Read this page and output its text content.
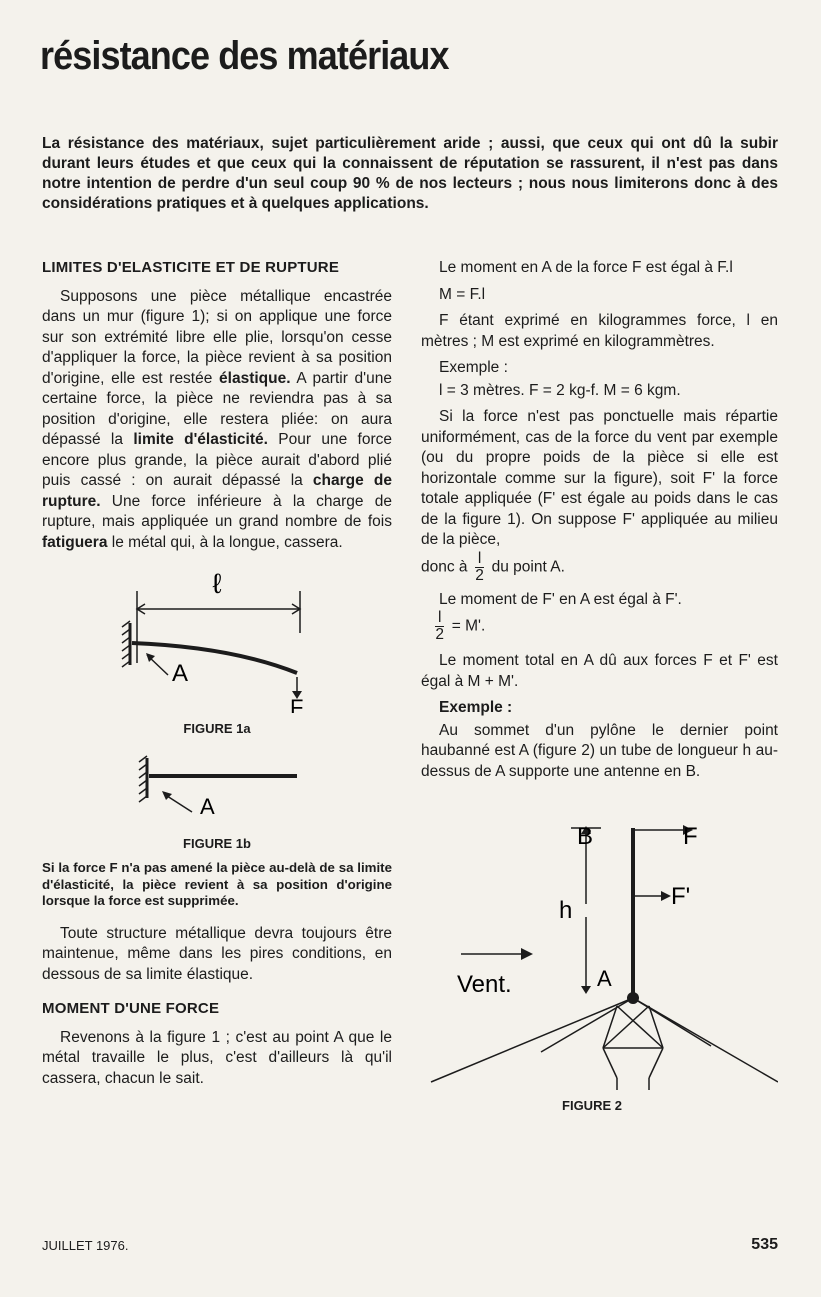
résistance des matériaux

La résistance des matériaux, sujet particulièrement aride ; aussi, que ceux qui ont dû la subir durant leurs études et que ceux qui la connaissent de réputation se rassurent, il n'est pas dans notre intention de perdre d'un seul coup 90 % de nos lecteurs ; nous nous limiterons donc à des considérations pratiques et à quelques applications.

LIMITES D'ELASTICITE ET DE RUPTURE

Supposons une pièce métallique encastrée dans un mur (figure 1); si on applique une force sur son extrémité libre elle plie, lorsqu'on cesse d'appliquer la force, la pièce revient à sa position d'origine, elle est restée élastique. A partir d'une certaine force, la pièce ne reviendra pas à sa position d'origine, elle restera pliée: on aura dépassé la limite d'élasticité. Pour une force encore plus grande, la pièce aurait d'abord plié puis cassé : on aurait dépassé la charge de rupture. Une force inférieure à la charge de rupture, mais appliquée un grand nombre de fois fatiguera le métal qui, à la longue, cassera.

ℓ
A
F
FIGURE 1a
A
FIGURE 1b

Si la force F n'a pas amené la pièce au-delà de sa limite d'élasticité, la pièce revient à sa position d'origine lorsque la force est supprimée.

Toute structure métallique devra toujours être maintenue, même dans les pires conditions, en dessous de sa limite élastique.

MOMENT D'UNE FORCE

Revenons à la figure 1 ; c'est au point A que le métal travaille le plus, c'est d'ailleurs là qu'il cassera, chacun le sait.

Le moment en A de la force F est égal à F.l

M = F.l

F étant exprimé en kilogrammes force, l en mètres ; M est exprimé en kilogrammètres.

Exemple :

l = 3 mètres. F = 2 kg-f. M = 6 kgm.

Si la force n'est pas ponctuelle mais répartie uniformément, cas de la force du vent par exemple (ou du propre poids de la pièce si elle est horizontale comme sur la figure), soit F' la force totale appliquée (F' est égale au poids dans le cas de la figure 1). On suppose F' appliquée au milieu de la pièce,

donc à $\frac{l}{2}$ du point A.

Le moment de F' en A est égal à F'.

$\frac{l}{2} = M'$.

Le moment total en A dû aux forces F et F' est égal à M + M'.

Exemple :

Au sommet d'un pylône le dernier point haubanné est A (figure 2) un tube de longueur h au-dessus de A supporte une antenne en B.

B	F
h
F'
A
Vent.
FIGURE 2
JUILLET 1976.	535
